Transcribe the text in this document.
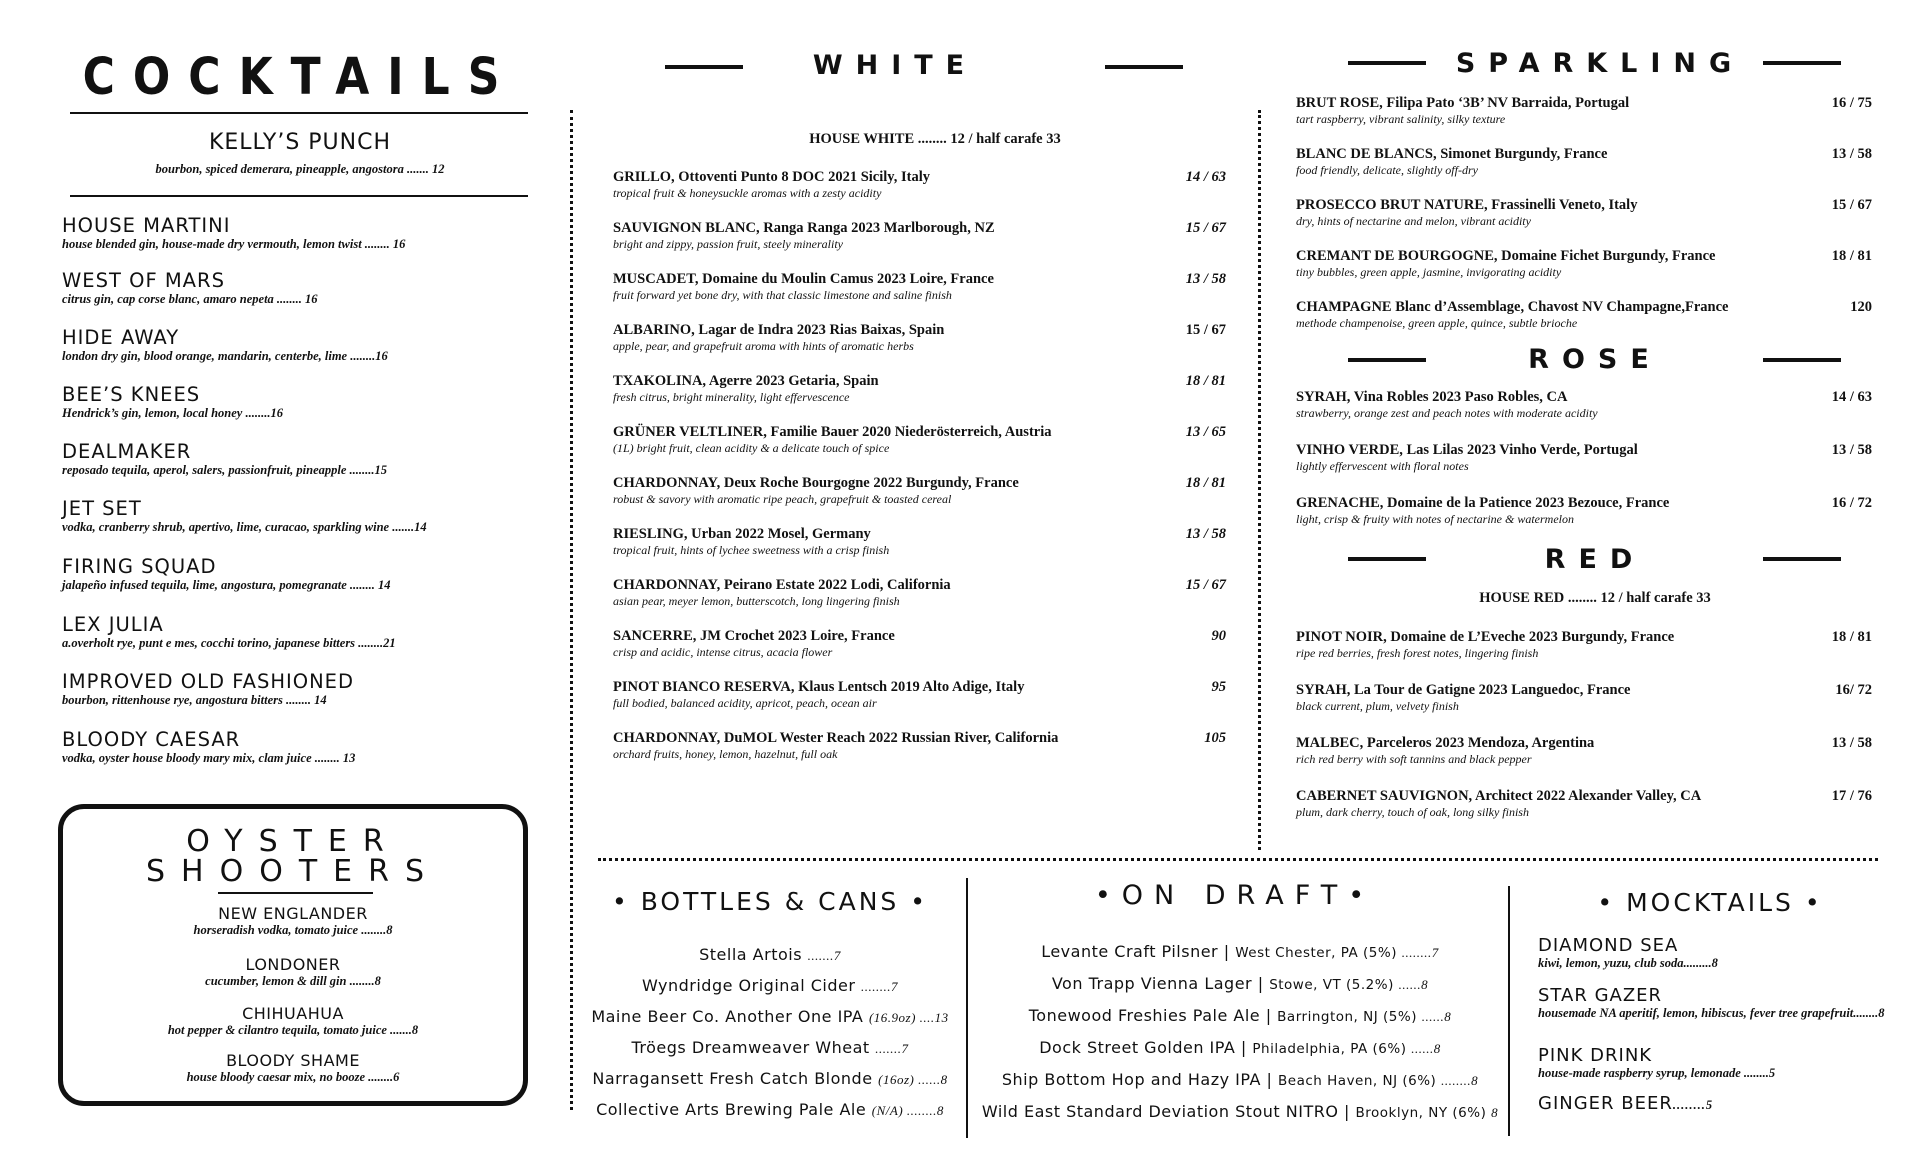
COCKTAILS
KELLY’S PUNCH
bourbon, spiced demerara, pineapple, angostora ....... 12
HOUSE MARTINI
house blended gin, house-made dry vermouth, lemon twist ........ 16
WEST OF MARS
citrus gin, cap corse blanc, amaro nepeta ........ 16
HIDE AWAY
london dry gin, blood orange, mandarin, centerbe, lime ........16
BEE’S KNEES
Hendrick’s gin, lemon, local honey ........16
DEALMAKER
reposado tequila, aperol, salers, passionfruit, pineapple ........15
JET SET
vodka, cranberry shrub, apertivo, lime, curacao, sparkling wine .......14
FIRING SQUAD
jalapeño infused tequila, lime, angostura, pomegranate ........ 14
LEX JULIA
a.overholt rye, punt e mes, cocchi torino, japanese bitters ........21
IMPROVED OLD FASHIONED
bourbon, rittenhouse rye, angostura bitters ........ 14
BLOODY CAESAR
vodka, oyster house bloody mary mix, clam juice ........ 13
OYSTER
SHOOTERS
NEW ENGLANDER
horseradish vodka, tomato juice ........8
LONDONER
cucumber, lemon & dill gin ........8
CHIHUAHUA
hot pepper & cilantro tequila, tomato juice .......8
BLOODY SHAME
house bloody caesar mix, no booze ........6
WHITE
HOUSE WHITE ........ 12 / half carafe 33
GRILLO, Ottoventi Punto 8 DOC 2021 Sicily, Italy
tropical fruit & honeysuckle aromas with a zesty acidity
14 / 63
SAUVIGNON BLANC, Ranga Ranga 2023 Marlborough, NZ
bright and zippy, passion fruit, steely minerality
15 / 67
MUSCADET, Domaine du Moulin Camus 2023 Loire, France
fruit forward yet bone dry, with that classic limestone and saline finish
13 / 58
ALBARINO, Lagar de Indra 2023 Rias Baixas, Spain
apple, pear, and grapefruit aroma with hints of aromatic herbs
15 / 67
TXAKOLINA, Agerre 2023 Getaria, Spain
fresh citrus, bright minerality, light effervescence
18 / 81
GRÜNER VELTLINER, Familie Bauer 2020 Niederösterreich, Austria
(1L) bright fruit, clean acidity & a delicate touch of spice
13 / 65
CHARDONNAY, Deux Roche Bourgogne 2022 Burgundy, France
robust & savory with aromatic ripe peach, grapefruit & toasted cereal
18 / 81
RIESLING, Urban 2022 Mosel, Germany
tropical fruit, hints of lychee sweetness with a crisp finish
13 / 58
CHARDONNAY, Peirano Estate 2022 Lodi, California
asian pear, meyer lemon, butterscotch, long lingering finish
15 / 67
SANCERRE, JM Crochet 2023 Loire, France
crisp and acidic, intense citrus, acacia flower
90
PINOT BIANCO RESERVA, Klaus Lentsch 2019 Alto Adige, Italy
full bodied, balanced acidity, apricot, peach, ocean air
95
CHARDONNAY, DuMOL Wester Reach 2022 Russian River, California
orchard fruits, honey, lemon, hazelnut, full oak
105
SPARKLING
BRUT ROSE, Filipa Pato ‘3B’ NV Barraida, Portugal
tart raspberry, vibrant salinity, silky texture
16 / 75
BLANC DE BLANCS, Simonet Burgundy, France
food friendly, delicate, slightly off-dry
13 / 58
PROSECCO BRUT NATURE, Frassinelli Veneto, Italy
dry, hints of nectarine and melon, vibrant acidity
15 / 67
CREMANT DE BOURGOGNE, Domaine Fichet Burgundy, France
tiny bubbles, green apple, jasmine, invigorating acidity
18 / 81
CHAMPAGNE Blanc d’Assemblage, Chavost NV Champagne,France
methode champenoise, green apple, quince, subtle brioche
120
ROSE
SYRAH, Vina Robles 2023 Paso Robles, CA
strawberry, orange zest and peach notes with moderate acidity
14 / 63
VINHO VERDE, Las Lilas 2023 Vinho Verde, Portugal
lightly effervescent with floral notes
13 / 58
GRENACHE, Domaine de la Patience 2023 Bezouce, France
light, crisp & fruity with notes of nectarine & watermelon
16 / 72
RED
HOUSE RED ........ 12 / half carafe 33
PINOT NOIR, Domaine de L’Eveche 2023 Burgundy, France
ripe red berries, fresh forest notes, lingering finish
18 / 81
SYRAH, La Tour de Gatigne 2023 Languedoc, France
black current, plum, velvety finish
16/ 72
MALBEC, Parceleros 2023 Mendoza, Argentina
rich red berry with soft tannins and black pepper
13 / 58
CABERNET SAUVIGNON, Architect 2022 Alexander Valley, CA
plum, dark cherry, touch of oak, long silky finish
17 / 76
• BOTTLES & CANS •
Stella Artois .......7
Wyndridge Original Cider ........7
Maine Beer Co. Another One IPA (16.9oz) ....13
Tröegs Dreamweaver Wheat .......7
Narragansett Fresh Catch Blonde (16oz) ......8
Collective Arts Brewing Pale Ale (N/A) ........8
•ON DRAFT•
Levante Craft Pilsner | West Chester, PA (5%) ........7
Von Trapp Vienna Lager | Stowe, VT (5.2%) ......8
Tonewood Freshies Pale Ale | Barrington, NJ (5%) ......8
Dock Street Golden IPA | Philadelphia, PA (6%) ......8
Ship Bottom Hop and Hazy IPA | Beach Haven, NJ (6%) ........8
Wild East Standard Deviation Stout NITRO | Brooklyn, NY (6%) 8
• MOCKTAILS •
DIAMOND SEA
kiwi, lemon, yuzu, club soda.........8
STAR GAZER
housemade NA aperitif, lemon, hibiscus, fever tree grapefruit........8
PINK DRINK
house-made raspberry syrup, lemonade ........5
GINGER BEER........5
